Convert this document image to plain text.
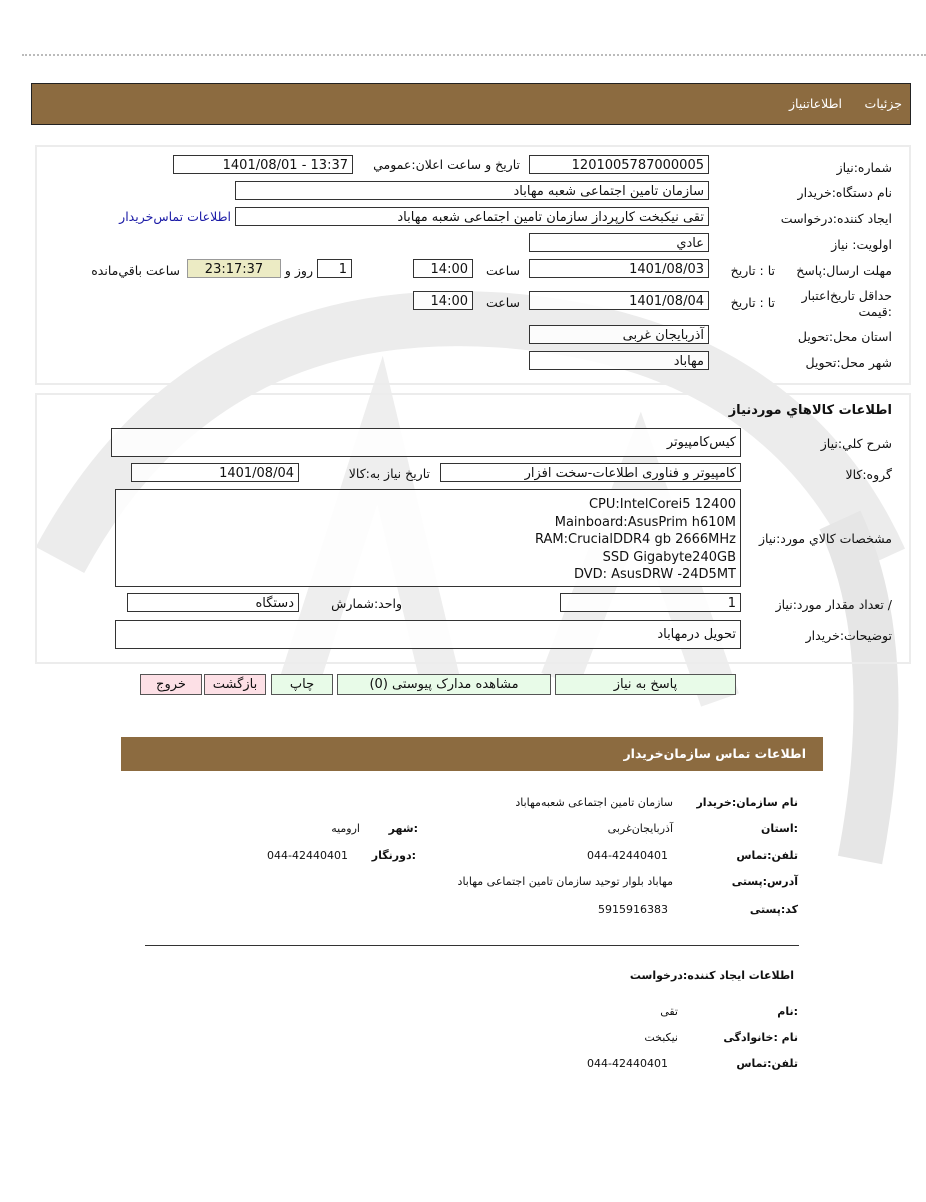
جزئیات
اطلاعاتنیاز
شماره:نیاز
1201005787000005
تاریخ و ساعت اعلان:عمومي
1401/08/01 - 13:37
نام دستگاه:خریدار
سازمان تامین اجتماعی شعبه مهاباد
ایجاد کننده:درخواست
تقی نیکبخت کارپرداز سازمان تامین اجتماعی شعبه مهاباد
اطلاعات تماس‌خریدار
اولویت: نیاز
عادي
مهلت ارسال:پاسخ
تا : تاریخ
1401/08/03
ساعت
14:00
1
روز و
23:17:37
ساعت باقي‌مانده
حداقل تاریخ‌اعتبار
:قیمت
تا : تاریخ
1401/08/04
ساعت
14:00
استان محل:تحویل
آذربایجان غربی
شهر محل:تحویل
مهاباد
اطلاعات كالاهاي موردنياز
شرح كلي:نياز
کیس‌کامپیوتر
گروه:كالا
کامپیوتر و فناوری اطلاعات-سخت افزار
تاریخ نیاز به:کالا
1401/08/04
مشخصات كالاي مورد:نياز
CPU:IntelCorei5 12400
Mainboard:AsusPrim h610M
RAM:CrucialDDR4 gb 2666MHz
SSD Gigabyte240GB
DVD: AsusDRW -24D5MT
/ تعداد مقدار مورد:نیاز
1
واحد:شمارش
دستگاه
توضیحات:خریدار
تحویل درمهاباد
پاسخ به نیاز
مشاهده مدارک پیوستی (0)
چاپ
بازگشت
خروج
اطلاعات تماس سازمان‌خریدار
نام سازمان:خریدار
سازمان تامین اجتماعی شعبه‌مهاباد
:استان
آذربایجان‌غربی
:شهر
ارومیه
تلفن:تماس
044-42440401
:دورنگار
044-42440401
آدرس:پستی
مهاباد بلوار توحید سازمان تامین اجتماعی مهاباد
کد:پستی
5915916383
اطلاعات ایجاد کننده:درخواست
:نام
تقی
نام :خانوادگی
نیکبخت
تلفن:تماس
044-42440401
